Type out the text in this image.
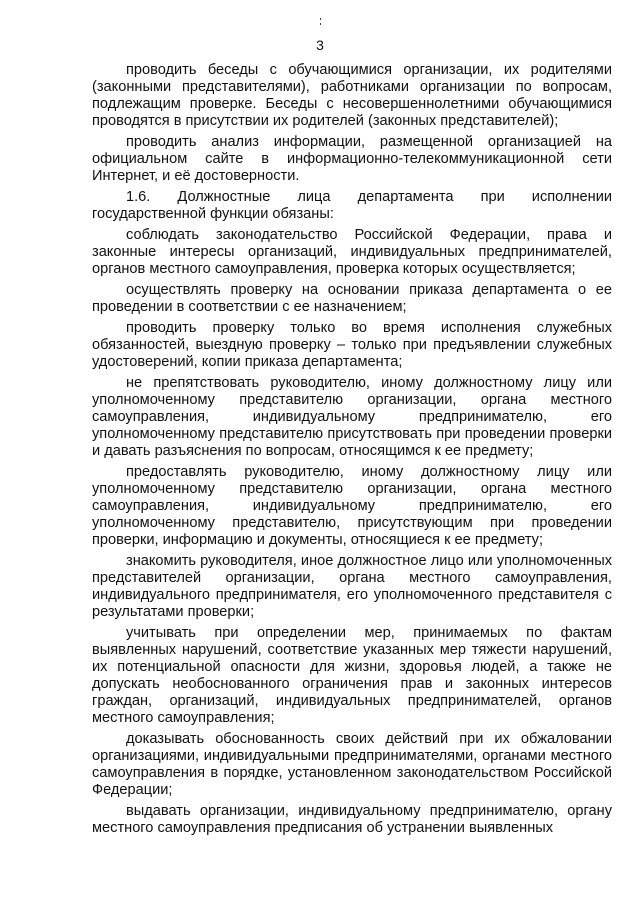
3

проводить беседы с обучающимися организации, их родителями (законными представителями), работниками организации по вопросам, подлежащим проверке. Беседы с несовершеннолетними обучающимися проводятся в присутствии их родителей (законных представителей);

проводить анализ информации, размещенной организацией на официальном сайте в информационно-телекоммуникационной сети Интернет, и её достоверности.

1.6. Должностные лица департамента при исполнении государственной функции обязаны:

соблюдать законодательство Российской Федерации, права и законные интересы организаций, индивидуальных предпринимателей, органов местного самоуправления, проверка которых осуществляется;

осуществлять проверку на основании приказа департамента о ее проведении в соответствии с ее назначением;

проводить проверку только во время исполнения служебных обязанностей, выездную проверку – только при предъявлении служебных удостоверений, копии приказа департамента;

не препятствовать руководителю, иному должностному лицу или уполномоченному представителю организации, органа местного самоуправления, индивидуальному предпринимателю, его уполномоченному представителю присутствовать при проведении проверки и давать разъяснения по вопросам, относящимся к ее предмету;

предоставлять руководителю, иному должностному лицу или уполномоченному представителю организации, органа местного самоуправления, индивидуальному предпринимателю, его уполномоченному представителю, присутствующим при проведении проверки, информацию и документы, относящиеся к ее предмету;

знакомить руководителя, иное должностное лицо или уполномоченных представителей организации, органа местного самоуправления, индивидуального предпринимателя, его уполномоченного представителя с результатами проверки;

учитывать при определении мер, принимаемых по фактам выявленных нарушений, соответствие указанных мер тяжести нарушений, их потенциальной опасности для жизни, здоровья людей, а также не допускать необоснованного ограничения прав и законных интересов граждан, организаций, индивидуальных предпринимателей, органов местного самоуправления;

доказывать обоснованность своих действий при их обжаловании организациями, индивидуальными предпринимателями, органами местного самоуправления в порядке, установленном законодательством Российской Федерации;

выдавать организации, индивидуальному предпринимателю, органу местного самоуправления предписания об устранении выявленных
